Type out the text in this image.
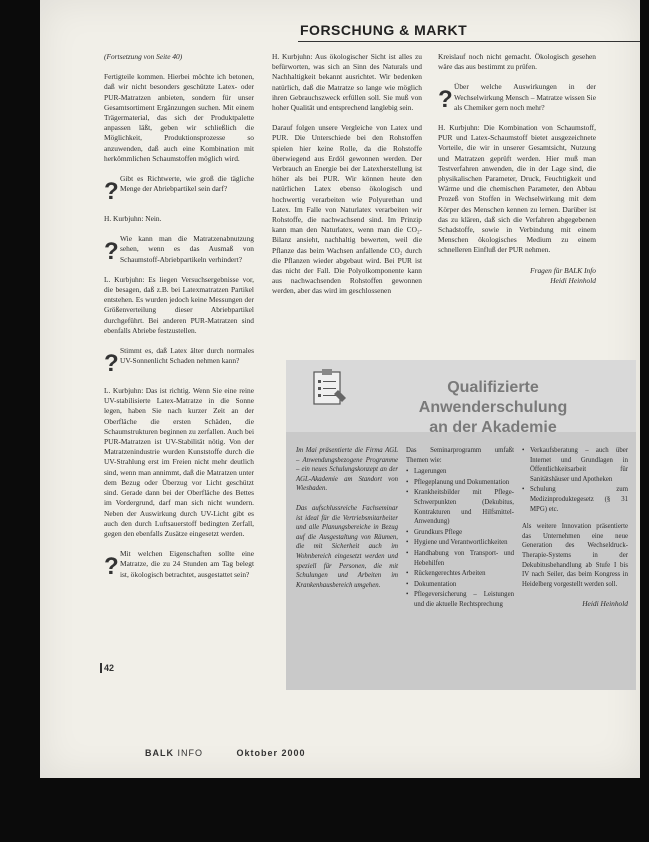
FORSCHUNG & MARKT

(Fortsetzung von Seite 40)

Fertigteile kommen. Hierbei möchte ich betonen, daß wir nicht besonders geschützte Latex- oder PUR-Matratzen anbieten, sondern für unser Gesamtsortiment Ergänzungen suchen. Mit einem Trägermaterial, das sich der Produktpalette anpassen läßt, geben wir schließlich die Möglichkeit, Produktionsprozesse so anzuwenden, daß auch eine Kombination mit herkömmlichen Schaumstoffen möglich wird.

? Gibt es Richtwerte, wie groß die tägliche Menge der Abriebpartikel sein darf?

H. Kurbjuhn: Nein.

? Wie kann man die Matratzenabnutzung sehen, wenn es das Ausmaß von Schaumstoff-Abriebpartikeln verhindert?

L. Kurbjuhn: Es liegen Versuchsergebnisse vor, die besagen, daß z.B. bei Latexmatratzen Partikel entstehen. Es wurden jedoch keine Messungen der Größenverteilung dieser Abriebpartikel durchgeführt. Bei anderen PUR-Matratzen sind ebenfalls Abriebe festzustellen.

? Stimmt es, daß Latex älter durch normales UV-Sonnenlicht Schaden nehmen kann?

L. Kurbjuhn: Das ist richtig. Wenn Sie eine reine UV-stabilisierte Latex-Matratze in die Sonne legen, haben Sie nach kurzer Zeit an der Oberfläche die ersten Schäden, die Schaumstrukturen beginnen zu zerfallen. Auch bei PUR-Matratzen ist UV-Stabilität nötig. Von der Matratzenindustrie wurden Kunststoffe durch die UV-Strahlung erst im Freien nicht mehr deutlich sind, wenn man annimmt, daß die Matratzen unter dem Bezug oder Überzug vor Licht geschützt sind. Gerade dann bei der Oberfläche des Bettes im Vordergrund, darf man sich nicht wundern. Neben der Auswirkung durch UV-Licht gibt es auch den durch Luftsauerstoff bedingten Zerfall, gegen den ebenfalls Zusätze eingesetzt werden.

? Mit welchen Eigenschaften sollte eine Matratze, die zu 24 Stunden am Tag belegt ist, ökologisch betrachtet, ausgestattet sein?

H. Kurbjuhn: Aus ökologischer Sicht ist alles zu befürworten, was sich an Sinn des Naturals und Nachhaltigkeit bekannt ausrichtet. Wir bedenken natürlich, daß die Matratze so lange wie möglich ihren Gebrauchszweck erfüllen soll. Sie muß von hoher Qualität und entsprechend langlebig sein.

Darauf folgen unsere Vergleiche von Latex und PUR. Die Unterschiede bei den Rohstoffen spielen hier keine Rolle, da die Rohstoffe überwiegend aus Erdöl gewonnen werden. Der Verbrauch an Energie bei der Latexherstellung ist höher als bei PUR. Wir können heute den natürlichen Latex ebenso ökologisch und hochwertig verarbeiten wie Polyurethan und Latex. Im Falle von Naturlatex verarbeiten wir Rohstoffe, die nachwachsend sind. Im Prinzip kann man den Naturlatex, wenn man die CO₂-Bilanz ansieht, nachhaltig bewerten, weil die Pflanze das beim Wachsen anfallende CO₂ durch die Pflanzen wieder abgebaut wird. Bei PUR ist das nicht der Fall. Die Polyolkomponente kann aus nachwachsenden Rohstoffen gewonnen werden, aber das wird im geschlossenen

Kreislauf noch nicht gemacht. Ökologisch gesehen wäre das aus bestimmt zu prüfen.

? Über welche Auswirkungen in der Wechselwirkung Mensch – Matratze wissen Sie als Chemiker gern noch mehr?

H. Kurbjuhn: Die Kombination von Schaumstoff, PUR und Latex-Schaumstoff bietet ausgezeichnete Vorteile, die wir in unserer Gesamtsicht, Nutzung und Matratzen geprüft werden. Hier muß man Testverfahren anwenden, die in der Lage sind, die physikalischen Parameter, Druck, Feuchtigkeit und Wärme und die chemischen Parameter, den Abbau Prozeß von Stoffen in Wechselwirkung mit dem Körper des Menschen kennen zu lernen. Darüber ist das zu klären, daß sich die Verfahren abgegebenen Schadstoffe, sowie in Verbindung mit einem Menschen ökologisches Medium zu einem schnelleren Einfluß der PUR nehmen.

Fragen für BALK Info
Heidi Heinhold
42
BALK INFO	Oktober 2000
Qualifizierte
Anwenderschulung
an der Akademie

Im Mai präsentierte die Firma AGL – Anwendungsbezogene Programme – ein neues Schulungskonzept an der AGL-Akademie am Standort von Wiesbaden.

Das aufschlussreiche Fachseminar ist ideal für die Vertriebsmitarbeiter und alle Planungsbereiche in Bezug auf die Ausgestaltung von Räumen, die mit Sicherheit auch im Wohnbereich eingesetzt werden und speziell für Personen, die mit Schulungen und Arbeiten im Krankenhausbereich umgehen.

Das Seminarprogramm umfaßt Themen wie:

• Lagerungen
• Pflegeplanung und Dokumentation
• Krankheitsbilder mit Pflege-Schwerpunkten (Dekubitus, Kontrakturen und Hilfsmittel-Anwendung)
• Grundkurs Pflege
• Hygiene und Verantwortlichkeiten
• Handhabung von Transport- und Hebehilfen
• Rückengerechtes Arbeiten
• Dokumentation
• Pflegeversicherung – Leistungen und die aktuelle Rechtsprechung
• Verkaufsberatung – auch über Internet und Grundlagen in Öffentlichkeitsarbeit für Sanitätshäuser und Apotheken
• Schulung zum Medizinproduktegesetz (§ 31 MPG) etc.

Als weitere Innovation präsentierte das Unternehmen eine neue Generation des Wechseldruck-Therapie-Systems in der Dekubitusbehandlung ab Stufe I bis IV nach Seiler, das beim Kongress in Heidelberg vorgestellt werden soll.

Heidi Heinhold
